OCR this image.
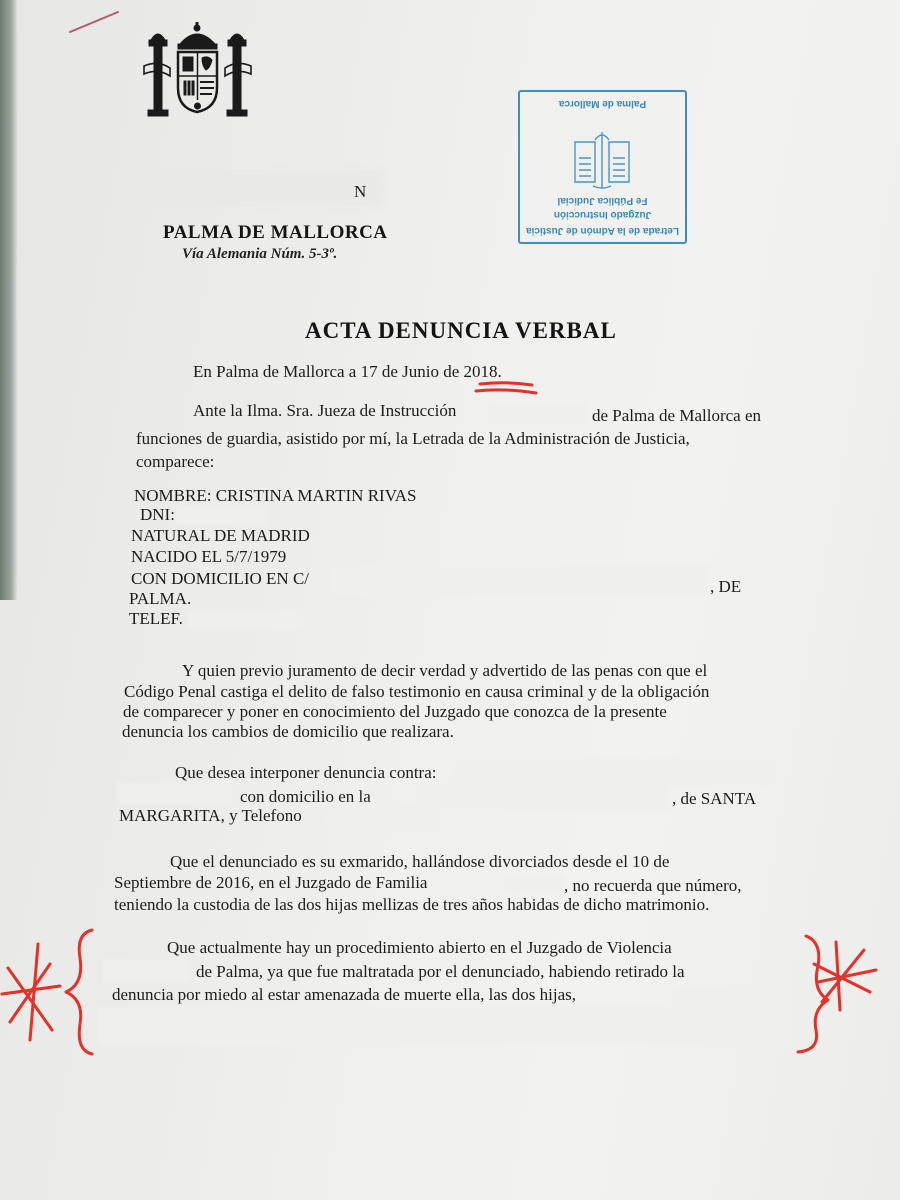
N
PALMA DE MALLORCA
Vía Alemania Núm. 5-3º.
Letrada de la Admón de Justicia
Juzgado Instrucción
Fe Pública Judicial
Palma de Mallorca
ACTA DENUNCIA VERBAL
En Palma de Mallorca a 17 de Junio de 2018.
Ante la Ilma. Sra. Jueza de Instrucción	de Palma de Mallorca en
funciones de guardia, asistido por mí, la Letrada de la Administración de Justicia,
comparece:
NOMBRE: CRISTINA MARTIN RIVAS
DNI:
NATURAL DE MADRID
NACIDO EL 5/7/1979
CON DOMICILIO EN C/	, DE
PALMA.
TELEF.
Y quien previo juramento de decir verdad y advertido de las penas con que el
Código Penal castiga el delito de falso testimonio en causa criminal y de la obligación
de comparecer y poner en conocimiento del Juzgado que conozca de la presente
denuncia los cambios de domicilio que realizara.
Que desea interponer denuncia contra:
con domicilio en la	, de SANTA
MARGARITA, y Telefono
Que el denunciado es su exmarido, hallándose divorciados desde el 10 de
Septiembre de 2016, en el Juzgado de Familia	, no recuerda que número,
teniendo la custodia de las dos hijas mellizas de tres años habidas de dicho matrimonio.
Que actualmente hay un procedimiento abierto en el Juzgado de Violencia
de Palma, ya que fue maltratada por el denunciado, habiendo retirado la
denuncia por miedo al estar amenazada de muerte ella, las dos hijas,
